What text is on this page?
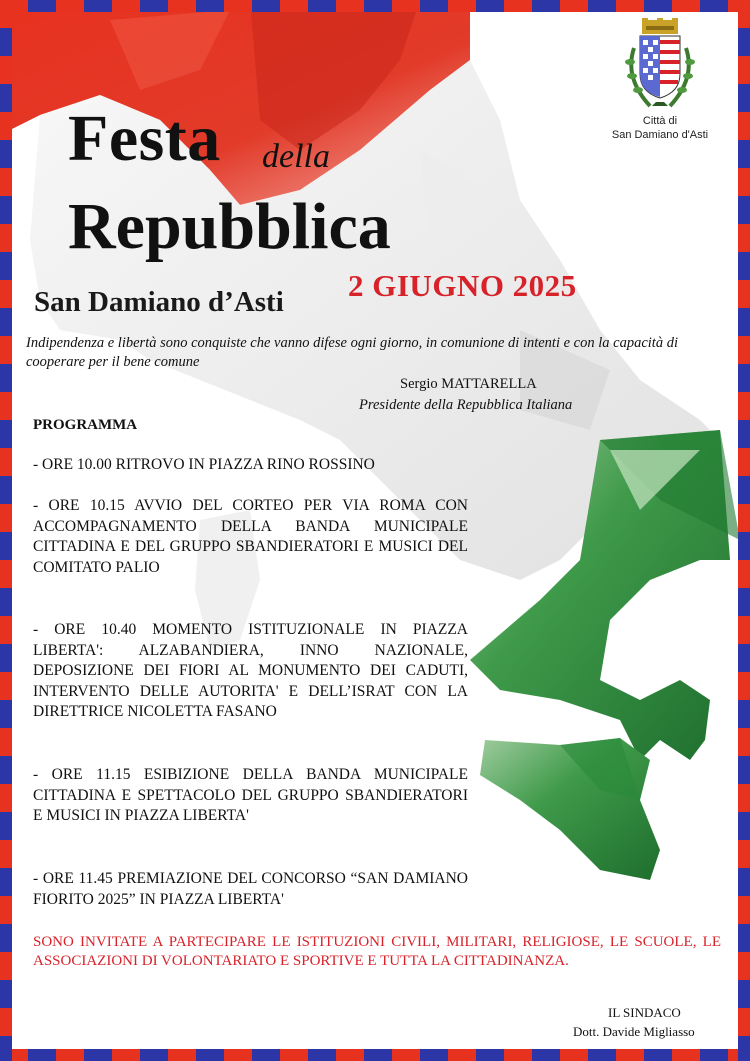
Città di
San Damiano d'Asti
Festa della
Repubblica
2 GIUGNO 2025
San Damiano d’Asti
Indipendenza e libertà sono conquiste che vanno difese ogni giorno, in comunione di intenti e con la capacità di cooperare per il bene comune
Sergio MATTARELLA
Presidente della Repubblica Italiana
PROGRAMMA
- ORE 10.00 RITROVO IN PIAZZA RINO ROSSINO
- ORE 10.15 AVVIO DEL CORTEO PER VIA ROMA CON ACCOMPAGNAMENTO DELLA BANDA MUNICIPALE CITTADINA E DEL GRUPPO SBANDIERATORI E MUSICI DEL COMITATO PALIO
- ORE 10.40 MOMENTO ISTITUZIONALE IN PIAZZA LIBERTA': ALZABANDIERA, INNO NAZIONALE, DEPOSIZIONE DEI FIORI AL MONUMENTO DEI CADUTI, INTERVENTO DELLE AUTORITA' E DELL’ISRAT CON LA DIRETTRICE NICOLETTA FASANO
- ORE 11.15 ESIBIZIONE DELLA BANDA MUNICIPALE CITTADINA E SPETTACOLO DEL GRUPPO SBANDIERATORI E MUSICI IN PIAZZA LIBERTA'
- ORE 11.45 PREMIAZIONE DEL CONCORSO “SAN DAMIANO FIORITO 2025” IN PIAZZA LIBERTA'
SONO INVITATE A PARTECIPARE LE ISTITUZIONI CIVILI, MILITARI, RELIGIOSE, LE SCUOLE, LE ASSOCIAZIONI DI VOLONTARIATO E SPORTIVE E TUTTA LA CITTADINANZA.
IL SINDACO
Dott. Davide Migliasso
